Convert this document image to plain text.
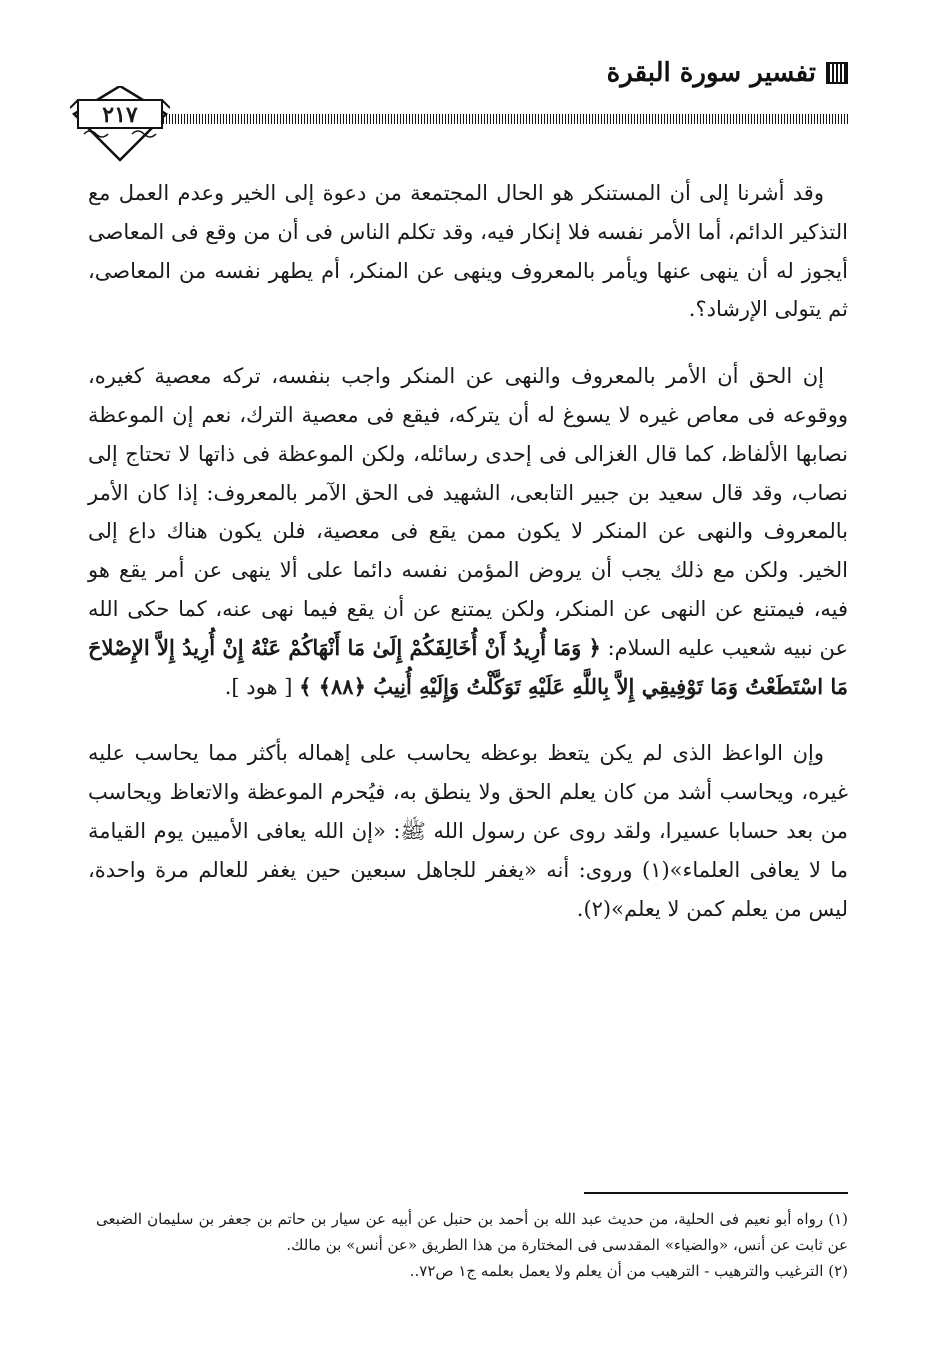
تفسير سورة البقرة
٢١٧

وقد أشرنا إلى أن المستنكر هو الحال المجتمعة من دعوة إلى الخير وعدم العمل مع التذكير الدائم، أما الأمر نفسه فلا إنكار فيه، وقد تكلم الناس فى أن من وقع فى المعاصى أيجوز له أن ينهى عنها ويأمر بالمعروف وينهى عن المنكر، أم يطهر نفسه من المعاصى، ثم يتولى الإرشاد؟.

إن الحق أن الأمر بالمعروف والنهى عن المنكر واجب بنفسه، تركه معصية كغيره، ووقوعه فى معاص غيره لا يسوغ له أن يتركه، فيقع فى معصية الترك، نعم إن الموعظة نصابها الألفاظ، كما قال الغزالى فى إحدى رسائله، ولكن الموعظة فى ذاتها لا تحتاج إلى نصاب، وقد قال سعيد بن جبير التابعى، الشهيد فى الحق الآمر بالمعروف: إذا كان الأمر بالمعروف والنهى عن المنكر لا يكون ممن يقع فى معصية، فلن يكون هناك داع إلى الخير. ولكن مع ذلك يجب أن يروض المؤمن نفسه دائما على ألا ينهى عن أمر يقع هو فيه، فيمتنع عن النهى عن المنكر، ولكن يمتنع عن أن يقع فيما نهى عنه، كما حكى الله عن نبيه شعيب عليه السلام: ﴿ وَمَا أُرِيدُ أَنْ أُخَالِفَكُمْ إِلَىٰ مَا أَنْهَاكُمْ عَنْهُ إِنْ أُرِيدُ إِلاَّ الإِصْلاحَ مَا اسْتَطَعْتُ وَمَا تَوْفِيقِي إِلاَّ بِاللَّهِ عَلَيْهِ تَوَكَّلْتُ وَإِلَيْهِ أُنِيبُ ﴿٨٨﴾ ﴾ [ هود ].

وإن الواعظ الذى لم يكن يتعظ بوعظه يحاسب على إهماله بأكثر مما يحاسب عليه غيره، ويحاسب أشد من كان يعلم الحق ولا ينطق به، فيُحرم الموعظة والاتعاظ ويحاسب من بعد حسابا عسيرا، ولقد روى عن رسول الله ﷺ: «إن الله يعافى الأميين يوم القيامة ما لا يعافى العلماء»(١) وروى: أنه «يغفر للجاهل سبعين حين يغفر للعالم مرة واحدة، ليس من يعلم كمن لا يعلم»(٢).

(١) رواه أبو نعيم فى الحلية، من حديث عبد الله بن أحمد بن حنبل عن أبيه عن سيار بن حاتم بن جعفر بن سليمان الضبعى عن ثابت عن أنس، «والضياء» المقدسى فى المختارة من هذا الطريق «عن أنس» بن مالك.

(٢) الترغيب والترهيب - الترهيب من أن يعلم ولا يعمل بعلمه ج١ ص٧٢..
